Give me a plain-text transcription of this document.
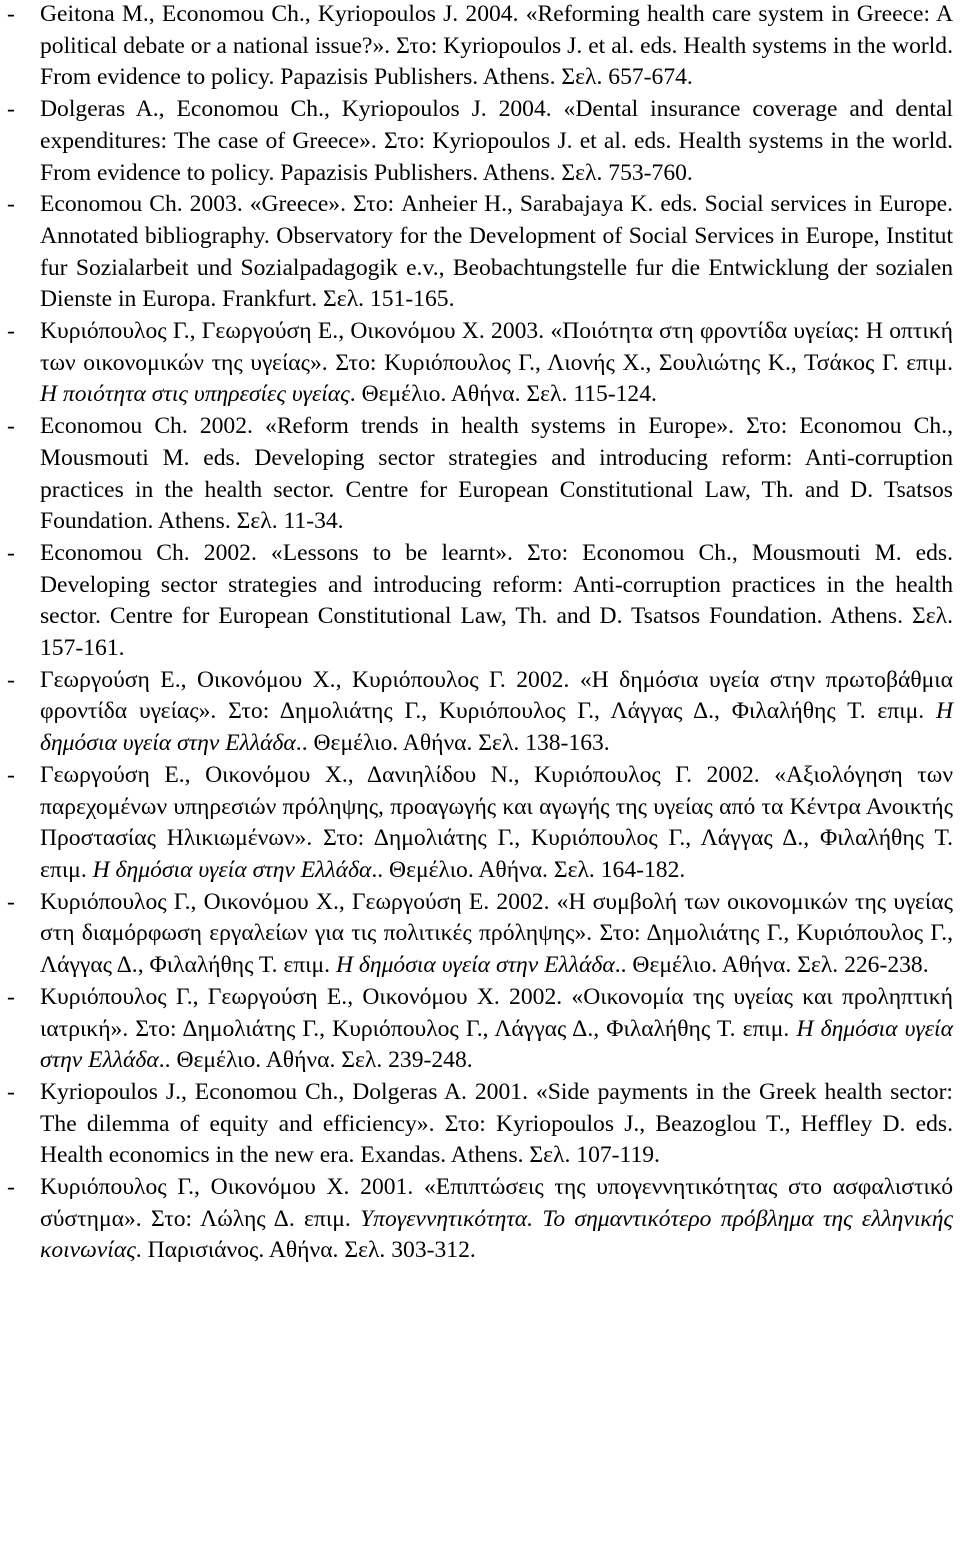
- Geitona M., Economou Ch., Kyriopoulos J. 2004. «Reforming health care system in Greece: A political debate or a national issue?». Στο: Kyriopoulos J. et al. eds. Health systems in the world. From evidence to policy. Papazisis Publishers. Athens. Σελ. 657-674.
- Dolgeras A., Economou Ch., Kyriopoulos J. 2004. «Dental insurance coverage and dental expenditures: The case of Greece». Στο: Kyriopoulos J. et al. eds. Health systems in the world. From evidence to policy. Papazisis Publishers. Athens. Σελ. 753-760.
- Economou Ch. 2003. «Greece». Στο: Anheier H., Sarabajaya K. eds. Social services in Europe. Annotated bibliography. Observatory for the Development of Social Services in Europe, Institut fur Sozialarbeit und Sozialpadagogik e.v., Beobachtungstelle fur die Entwicklung der sozialen Dienste in Europa. Frankfurt. Σελ. 151-165.
- Κυριόπουλος Γ., Γεωργούση Ε., Οικονόμου Χ. 2003. «Ποιότητα στη φροντίδα υγείας: Η οπτική των οικονομικών της υγείας». Στο: Κυριόπουλος Γ., Λιονής Χ., Σουλιώτης Κ., Τσάκος Γ. επιμ. Η ποιότητα στις υπηρεσίες υγείας. Θεμέλιο. Αθήνα. Σελ. 115-124.
- Economou Ch. 2002. «Reform trends in health systems in Europe». Στο: Economou Ch., Mousmouti M. eds. Developing sector strategies and introducing reform: Anti-corruption practices in the health sector. Centre for European Constitutional Law, Th. and D. Tsatsos Foundation. Athens. Σελ. 11-34.
- Economou Ch. 2002. «Lessons to be learnt». Στο: Economou Ch., Mousmouti M. eds. Developing sector strategies and introducing reform: Anti-corruption practices in the health sector. Centre for European Constitutional Law, Th. and D. Tsatsos Foundation. Athens. Σελ. 157-161.
- Γεωργούση Ε., Οικονόμου Χ., Κυριόπουλος Γ. 2002. «Η δημόσια υγεία στην πρωτοβάθμια φροντίδα υγείας». Στο: Δημολιάτης Γ., Κυριόπουλος Γ., Λάγγας Δ., Φιλαλήθης Τ. επιμ. Η δημόσια υγεία στην Ελλάδα.. Θεμέλιο. Αθήνα. Σελ. 138-163.
- Γεωργούση Ε., Οικονόμου Χ., Δανιηλίδου Ν., Κυριόπουλος Γ. 2002. «Αξιολόγηση των παρεχομένων υπηρεσιών πρόληψης, προαγωγής και αγωγής της υγείας από τα Κέντρα Ανοικτής Προστασίας Ηλικιωμένων». Στο: Δημολιάτης Γ., Κυριόπουλος Γ., Λάγγας Δ., Φιλαλήθης Τ. επιμ. Η δημόσια υγεία στην Ελλάδα.. Θεμέλιο. Αθήνα. Σελ. 164-182.
- Κυριόπουλος Γ., Οικονόμου Χ., Γεωργούση Ε. 2002. «Η συμβολή των οικονομικών της υγείας στη διαμόρφωση εργαλείων για τις πολιτικές πρόληψης». Στο: Δημολιάτης Γ., Κυριόπουλος Γ., Λάγγας Δ., Φιλαλήθης Τ. επιμ. Η δημόσια υγεία στην Ελλάδα.. Θεμέλιο. Αθήνα. Σελ. 226-238.
- Κυριόπουλος Γ., Γεωργούση Ε., Οικονόμου Χ. 2002. «Οικονομία της υγείας και προληπτική ιατρική». Στο: Δημολιάτης Γ., Κυριόπουλος Γ., Λάγγας Δ., Φιλαλήθης Τ. επιμ. Η δημόσια υγεία στην Ελλάδα.. Θεμέλιο. Αθήνα. Σελ. 239-248.
- Kyriopoulos J., Economou Ch., Dolgeras A. 2001. «Side payments in the Greek health sector: The dilemma of equity and efficiency». Στο: Kyriopoulos J., Beazoglou T., Heffley D. eds. Health economics in the new era. Exandas. Athens. Σελ. 107-119.
- Κυριόπουλος Γ., Οικονόμου Χ. 2001. «Επιπτώσεις της υπογεννητικότητας στο ασφαλιστικό σύστημα». Στο: Λώλης Δ. επιμ. Υπογεννητικότητα. Το σημαντικότερο πρόβλημα της ελληνικής κοινωνίας. Παρισιάνος. Αθήνα. Σελ. 303-312.
